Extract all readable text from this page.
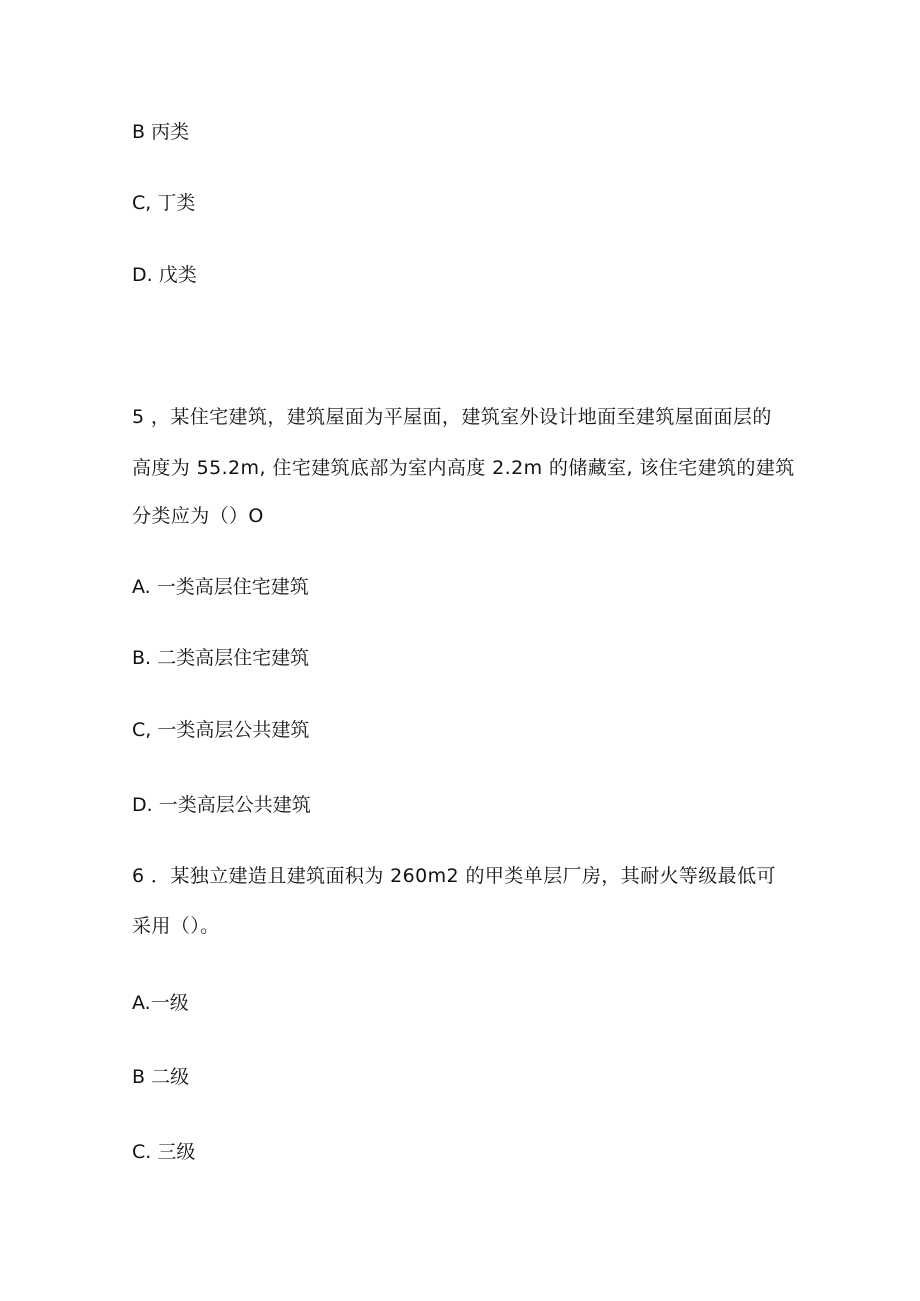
B 丙类
C, 丁类
D. 戊类
5 ，某住宅建筑，建筑屋面为平屋面，建筑室外设计地面至建筑屋面面层的
高度为 55.2m, 住宅建筑底部为室内高度 2.2m 的储藏室, 该住宅建筑的建筑
分类应为（）O
A. 一类高层住宅建筑
B. 二类高层住宅建筑
C, 一类高层公共建筑
D. 一类高层公共建筑
6 ．某独立建造且建筑面积为 260m2 的甲类单层厂房，其耐火等级最低可
采用（）。
A.一级
B 二级
C. 三级
